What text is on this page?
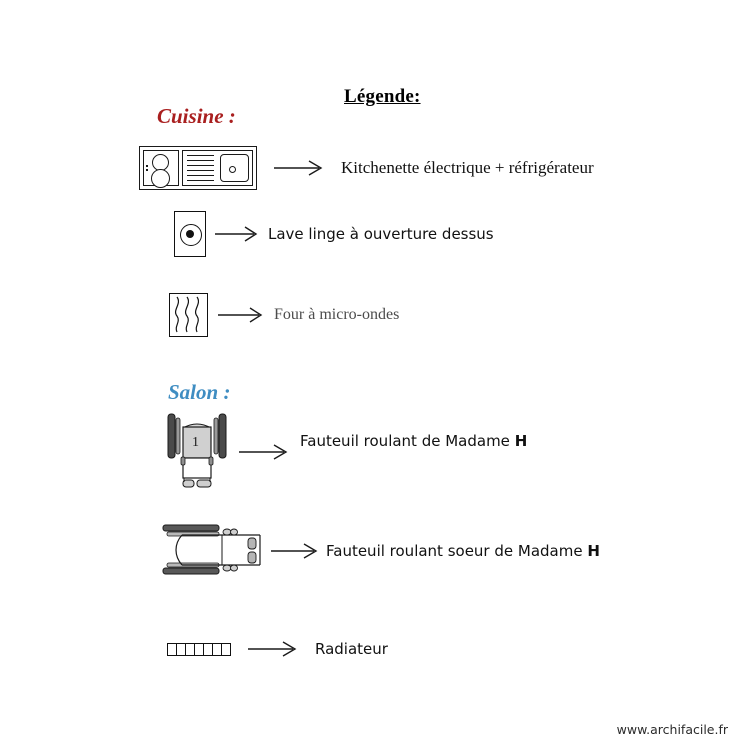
Légende:
Cuisine :
Kitchenette électrique + réfrigérateur
Lave linge à ouverture dessus
Four à micro-ondes
Salon :
1	Fauteuil roulant de Madame H
Fauteuil roulant soeur de Madame H
Radiateur
www.archifacile.fr
